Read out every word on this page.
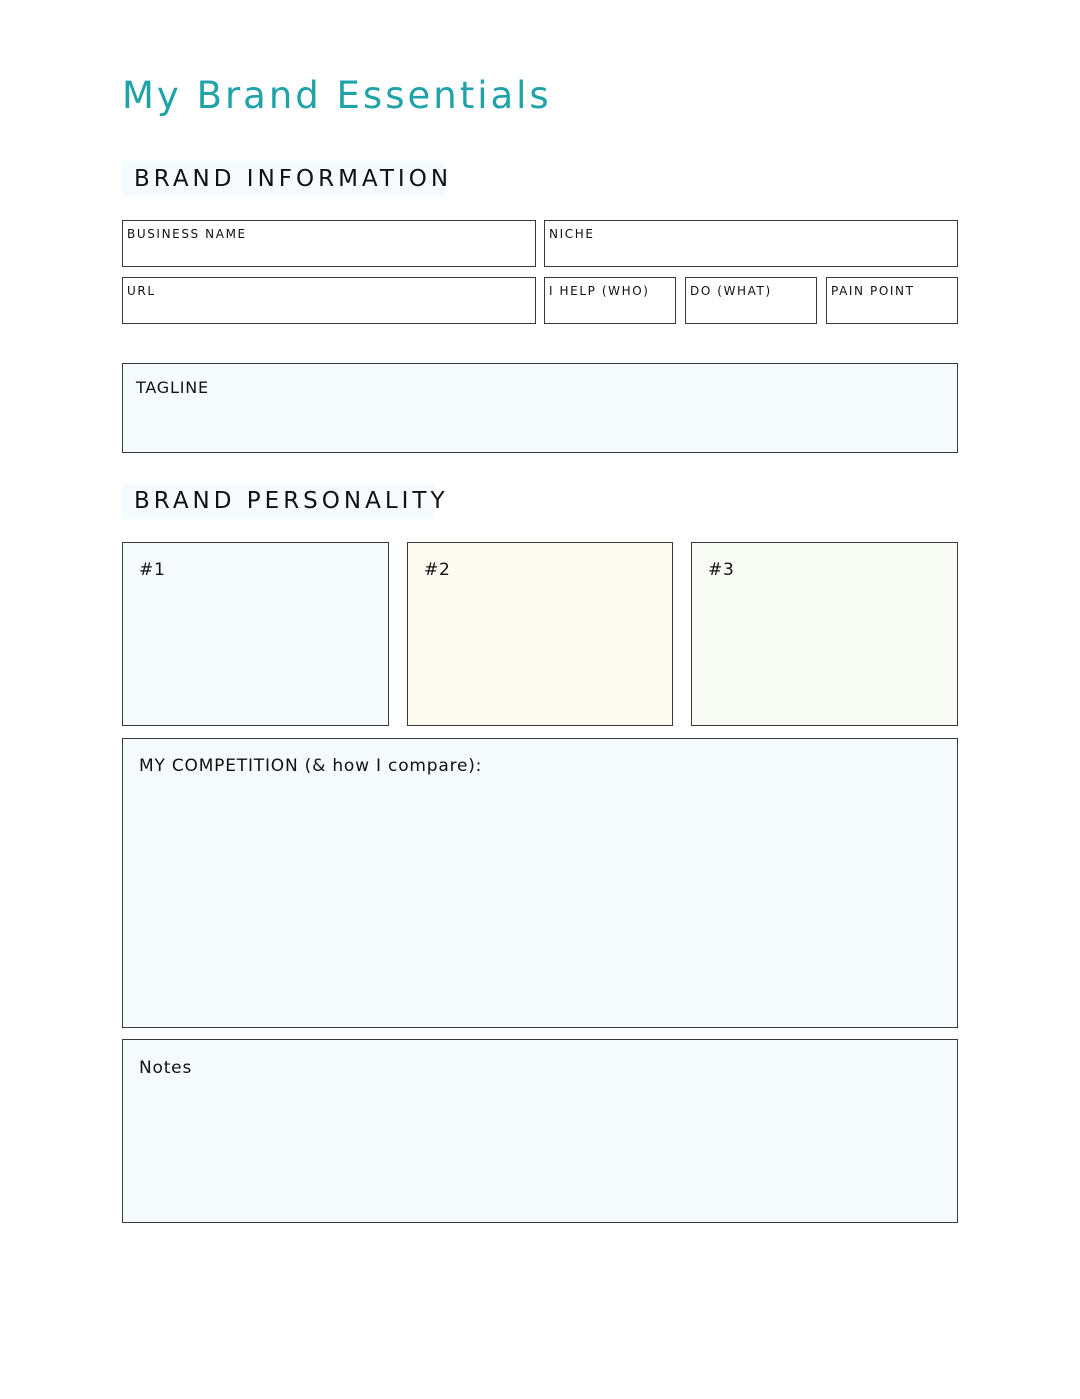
My Brand Essentials
BRAND INFORMATION
BUSINESS NAME	NICHE
URL	I HELP (WHO)	DO (WHAT)	PAIN POINT
TAGLINE
BRAND PERSONALITY
#1	#2	#3
MY COMPETITION (& how I compare):
Notes
